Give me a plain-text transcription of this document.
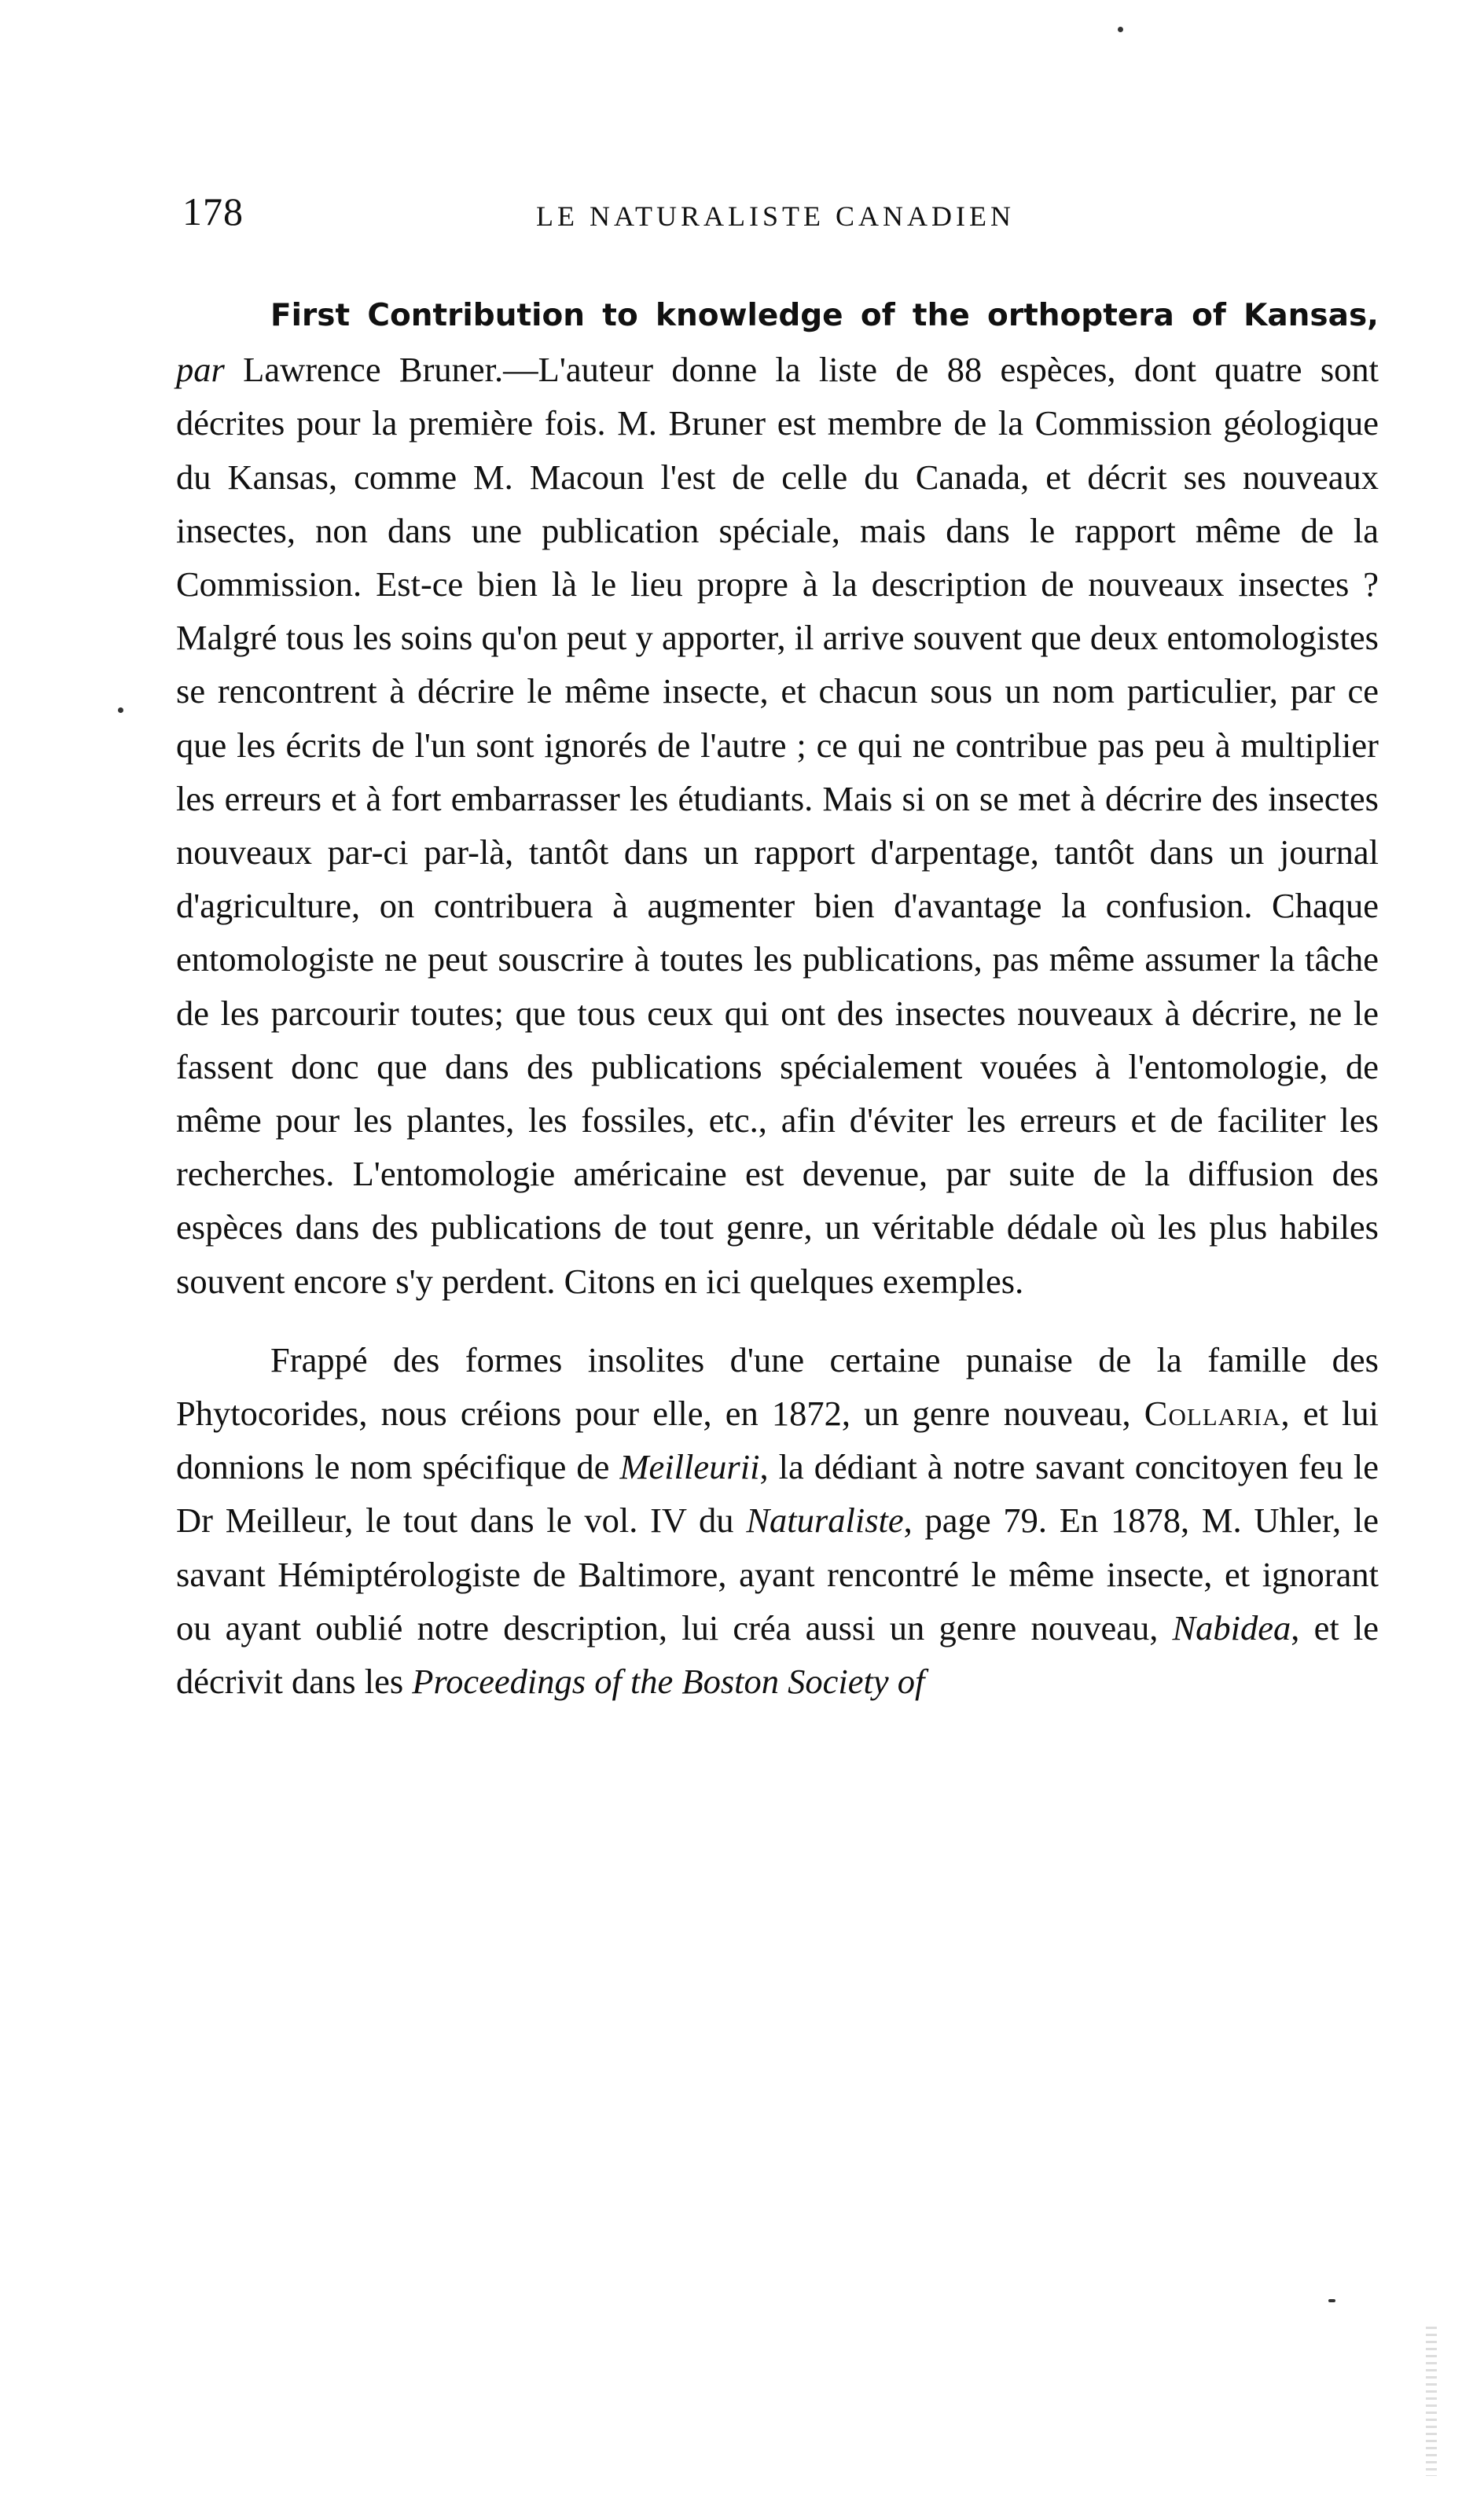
178	LE NATURALISTE CANADIEN

First Contribution to knowledge of the orthoptera of Kansas, par Lawrence Bruner.—L'auteur donne la liste de 88 espèces, dont quatre sont décrites pour la première fois. M. Bruner est membre de la Commission géologique du Kansas, comme M. Macoun l'est de celle du Canada, et décrit ses nouveaux insectes, non dans une publication spéciale, mais dans le rapport même de la Commission. Est-ce bien là le lieu propre à la description de nouveaux insectes ? Malgré tous les soins qu'on peut y apporter, il arrive souvent que deux entomologistes se rencontrent à décrire le même insecte, et chacun sous un nom particulier, par ce que les écrits de l'un sont ignorés de l'autre ; ce qui ne contribue pas peu à multiplier les erreurs et à fort embarrasser les étudiants. Mais si on se met à décrire des insectes nouveaux par-ci par-là, tantôt dans un rapport d'arpentage, tantôt dans un journal d'agriculture, on contribuera à augmenter bien d'avantage la confusion. Chaque entomologiste ne peut souscrire à toutes les publications, pas même assumer la tâche de les parcourir toutes; que tous ceux qui ont des insectes nouveaux à décrire, ne le fassent donc que dans des publications spécialement vouées à l'entomologie, de même pour les plantes, les fossiles, etc., afin d'éviter les erreurs et de faciliter les recherches. L'entomologie américaine est devenue, par suite de la diffusion des espèces dans des publications de tout genre, un véritable dédale où les plus habiles souvent encore s'y perdent. Citons en ici quelques exemples.

Frappé des formes insolites d'une certaine punaise de la famille des Phytocorides, nous créions pour elle, en 1872, un genre nouveau, Collaria, et lui donnions le nom spécifique de Meilleurii, la dédiant à notre savant concitoyen feu le Dr Meilleur, le tout dans le vol. IV du Naturaliste, page 79. En 1878, M. Uhler, le savant Hémiptérologiste de Baltimore, ayant rencontré le même insecte, et ignorant ou ayant oublié notre description, lui créa aussi un genre nouveau, Nabidea, et le décrivit dans les Proceedings of the Boston Society of
